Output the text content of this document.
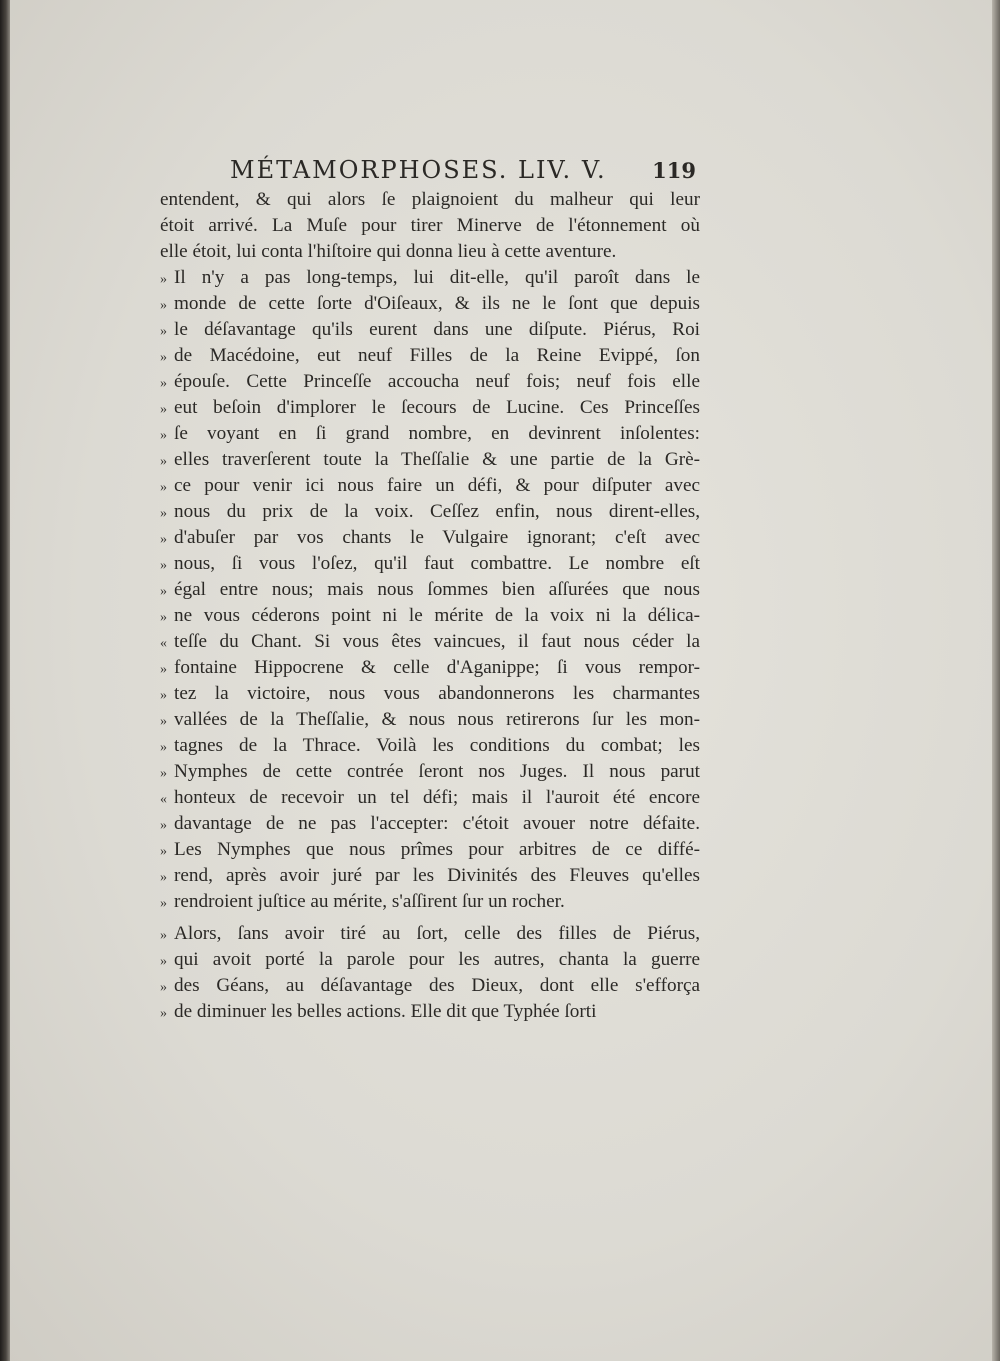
MÉTAMORPHOSES. LIV. V. 119
entendent, & qui alors ſe plaignoient du malheur qui leur
étoit arrivé. La Muſe pour tirer Minerve de l'étonnement où
elle étoit, lui conta l'hiſtoire qui donna lieu à cette aventure.
» Il n'y a pas long-temps, lui dit-elle, qu'il paroît dans le
» monde de cette ſorte d'Oiſeaux, & ils ne le ſont que depuis
» le déſavantage qu'ils eurent dans une diſpute. Piérus, Roi
» de Macédoine, eut neuf Filles de la Reine Evippé, ſon
» épouſe. Cette Princeſſe accoucha neuf fois; neuf fois elle
» eut beſoin d'implorer le ſecours de Lucine. Ces Princeſſes
» ſe voyant en ſi grand nombre, en devinrent inſolentes:
» elles traverſerent toute la Theſſalie & une partie de la Grè-
» ce pour venir ici nous faire un défi, & pour diſputer avec
» nous du prix de la voix. Ceſſez enfin, nous dirent-elles,
» d'abuſer par vos chants le Vulgaire ignorant; c'eſt avec
» nous, ſi vous l'oſez, qu'il faut combattre. Le nombre eſt
» égal entre nous; mais nous ſommes bien aſſurées que nous
» ne vous céderons point ni le mérite de la voix ni la délica-
« teſſe du Chant. Si vous êtes vaincues, il faut nous céder la
» fontaine Hippocrene & celle d'Aganippe; ſi vous rempor-
» tez la victoire, nous vous abandonnerons les charmantes
» vallées de la Theſſalie, & nous nous retirerons ſur les mon-
» tagnes de la Thrace. Voilà les conditions du combat; les
» Nymphes de cette contrée ſeront nos Juges. Il nous parut
« honteux de recevoir un tel défi; mais il l'auroit été encore
» davantage de ne pas l'accepter: c'étoit avouer notre défaite.
» Les Nymphes que nous prîmes pour arbitres de ce diffé-
» rend, après avoir juré par les Divinités des Fleuves qu'elles
» rendroient juſtice au mérite, s'aſſirent ſur un rocher.
» Alors, ſans avoir tiré au ſort, celle des filles de Piérus,
» qui avoit porté la parole pour les autres, chanta la guerre
» des Géans, au déſavantage des Dieux, dont elle s'efforça
» de diminuer les belles actions. Elle dit que Typhée ſorti
